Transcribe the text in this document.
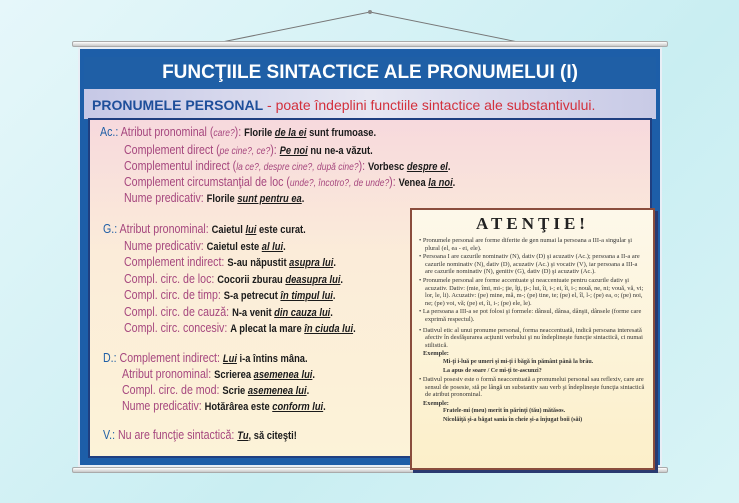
FUNCŢIILE SINTACTICE ALE PRONUMELUI (I)
PRONUMELE PERSONAL - poate îndeplini functiile sintactice ale substantivului.
Ac.: Atribut pronominal (care?): Florile de la ei sunt frumoase.
Complement direct (pe cine?, ce?): Pe noi nu ne-a văzut.
Complementul indirect (la ce?, despre cine?, după cine?): Vorbesc despre el.
Complement circumstanţial de loc (unde?, încotro?, de unde?): Venea la noi.
Nume predicativ: Florile sunt pentru ea.
G.: Atribut pronominal: Caietul lui este curat.
Nume predicativ: Caietul este al lui.
Complement indirect: S-au năpustit asupra lui.
Compl. circ. de loc: Cocorii zburau deasupra lui.
Compl. circ. de timp: S-a petrecut în timpul lui.
Compl. circ. de cauză: N-a venit din cauza lui.
Compl. circ. concesiv: A plecat la mare în ciuda lui.
D.: Complement indirect: Lui i-a întins mâna.
Atribut pronominal: Scrierea asemenea lui.
Compl. circ. de mod: Scrie asemenea lui.
Nume predicativ: Hotărârea este conform lui.
V.: Nu are funcţie sintactică: Tu, să citeşti!
ATENŢIE!

• Pronumele personal are forme diferite de gen numai la persoana a III-a singular şi plural (el, ea - ei, ele).

• Persoana I are cazurile nominativ (N), dativ (D) şi acuzativ (Ac.); persoana a II-a are cazurile nominativ (N), dativ (D), acuzativ (Ac.) şi vocativ (V), iar persoana a III-a are cazurile nominativ (N), genitiv (G), dativ (D) şi acuzativ (Ac.).

• Pronumele personal are forme accentuate şi neaccentuate pentru cazurile dativ şi acuzativ. Dativ: (mie, îmi, mi-; ţie, îţi, ţi-; lui, îi, i-; ei, îi, i-; nouă, ne, ni; vouă, vă, vi; lor, le, li). Acuzativ: (pe) mine, mă, m-; (pe) tine, te; (pe) el, îl, l-; (pe) ea, o; (pe) noi, ne; (pe) voi, vă; (pe) ei, îi, i-; (pe) ele, le).

• La persoana a III-a se pot folosi şi formele: dânsul, dânsa, dânşii, dânsele (forme care exprimă respectul).

• Dativul etic al unui pronume personal, forma neaccentuată, indică persoana interesată afectiv în desfăşurarea acţiunii verbului şi nu îndeplineşte funcţie sintactică, ci numai stilistică.

Exemple:

Mi-ţi i-luă pe umeri şi mi-ţi i băgă în pământ până la brâu.

La apus de soare / Ce mi-ţi te-ascunzi?

• Dativul posesiv este o formă neaccentuată a pronumelui personal sau reflexiv, care are sensul de posesie, stă pe lângă un substantiv sau verb şi îndeplineşte funcţia sintactică de atribut pronominal.

Exemple:

Fratele-mi (meu) merit în părinţi (tău) mătăsos.

Nicolăiţă şi-a băgat sania în cheie şi-a înjugat boii (săi)
